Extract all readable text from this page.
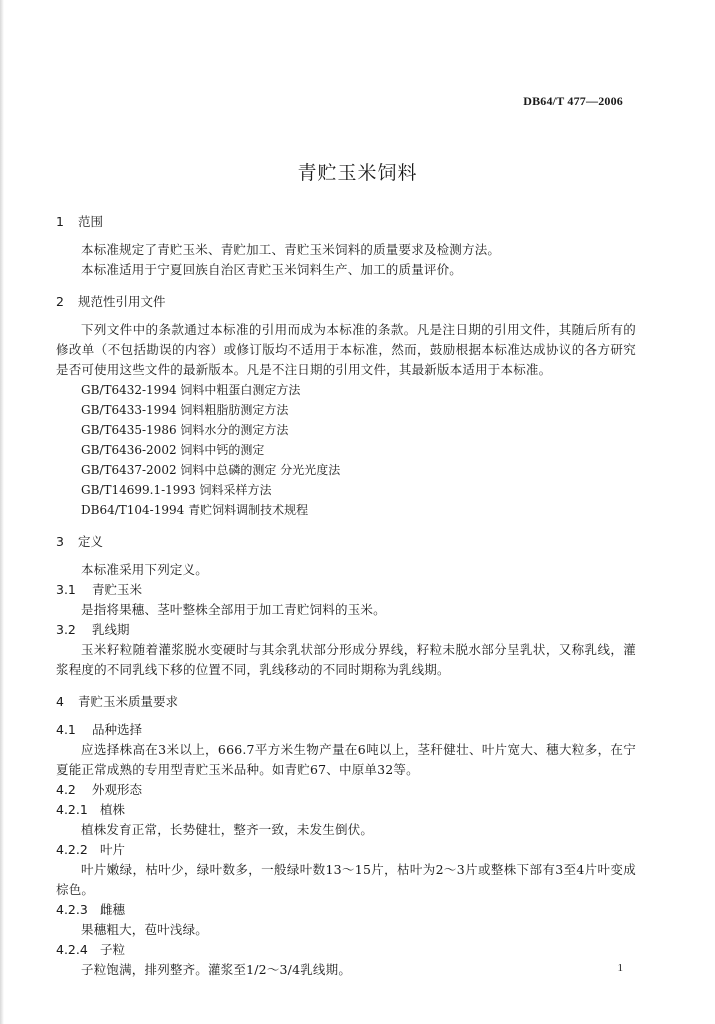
DB64/T 477—2006
青贮玉米饲料

1 范围

本标准规定了青贮玉米、青贮加工、青贮玉米饲料的质量要求及检测方法。

本标准适用于宁夏回族自治区青贮玉米饲料生产、加工的质量评价。

2 规范性引用文件

下列文件中的条款通过本标准的引用而成为本标准的条款。凡是注日期的引用文件，其随后所有的修改单（不包括勘误的内容）或修订版均不适用于本标准，然而，鼓励根据本标准达成协议的各方研究是否可使用这些文件的最新版本。凡是不注日期的引用文件，其最新版本适用于本标准。

GB/T6432-1994 饲料中粗蛋白测定方法

GB/T6433-1994 饲料粗脂肪测定方法

GB/T6435-1986 饲料水分的测定方法

GB/T6436-2002 饲料中钙的测定

GB/T6437-2002 饲料中总磷的测定 分光光度法

GB/T14699.1-1993 饲料采样方法

DB64/T104-1994 青贮饲料调制技术规程

3 定义

本标准采用下列定义。

3.1 青贮玉米

是指将果穗、茎叶整株全部用于加工青贮饲料的玉米。

3.2 乳线期

玉米籽粒随着灌浆脱水变硬时与其余乳状部分形成分界线，籽粒未脱水部分呈乳状，又称乳线，灌浆程度的不同乳线下移的位置不同，乳线移动的不同时期称为乳线期。

4 青贮玉米质量要求

4.1 品种选择

应选择株高在3米以上，666.7平方米生物产量在6吨以上，茎秆健壮、叶片宽大、穗大粒多，在宁夏能正常成熟的专用型青贮玉米品种。如青贮67、中原单32等。

4.2 外观形态

4.2.1 植株

植株发育正常，长势健壮，整齐一致，未发生倒伏。

4.2.2 叶片

叶片嫩绿，枯叶少，绿叶数多，一般绿叶数13～15片，枯叶为2～3片或整株下部有3至4片叶变成棕色。

4.2.3 雌穗

果穗粗大，苞叶浅绿。

4.2.4 子粒

子粒饱满，排列整齐。灌浆至1/2～3/4乳线期。	1
